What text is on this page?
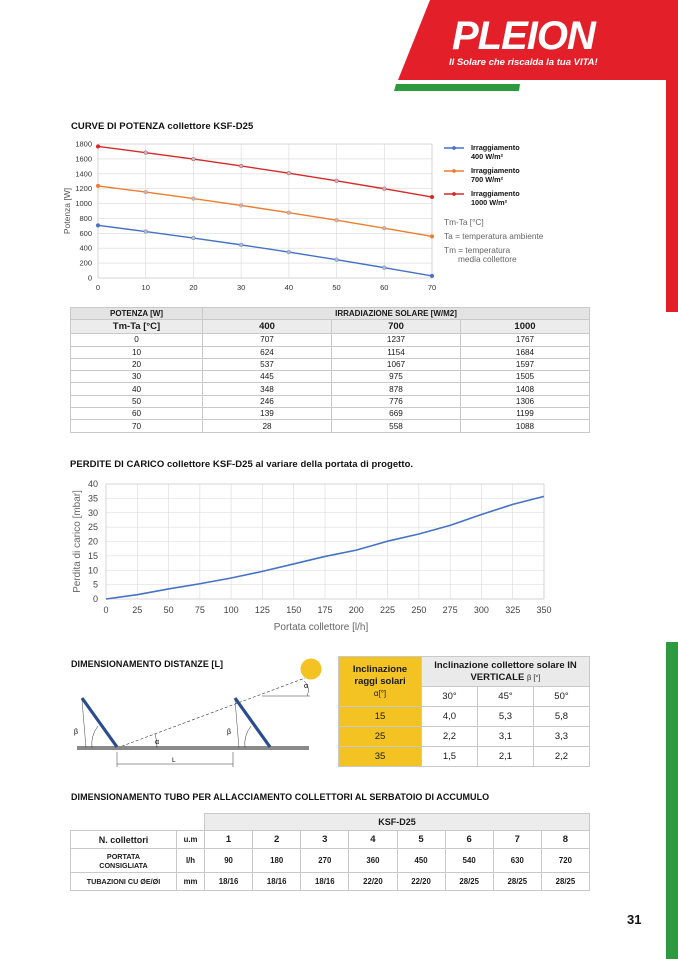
PLEION
Il Solare che riscalda la tua VITA!
CURVE DI POTENZA collettore KSF-D25
0
200
400
600
800
1000
1200
1400
1600
1800
0	10	20	30	40	50	60	70
Potenza [W]
Irraggiamento
400 W/m²
Irraggiamento
700 W/m²
Irraggiamento
1000 W/m²
Tm-Ta [°C]
Ta = temperatura ambiente
Tm = temperatura
media collettore
POTENZA [W]	IRRADIAZIONE SOLARE [W/M2]		
Tm-Ta [°C]	400	700	1000
0	707	1237	1767
10	624	1154	1684
20	537	1067	1597
30	445	975	1505
40	348	878	1408
50	246	776	1306
60	139	669	1199
70	28	558	1088
PERDITE DI CARICO collettore KSF-D25 al variare della portata di progetto.
0
5
10
15
20
25
30
35
40
0	25 50 75 100 125 150 175 200 225 250 275 300 325 350
Perdita di carico [mbar]
Portata collettore [l/h]
DIMENSIONAMENTO DISTANZE [L]
α
α
β	β
L
Inclinazione raggi solari α[°]	Inclinazione collettore solare IN VERTICALE β [°]		
	30°	45°	50°
15	4,0	5,3	5,8
25	2,2	3,1	3,3
35	1,5	2,1	2,2
DIMENSIONAMENTO TUBO PER ALLACCIAMENTO COLLETTORI AL SERBATOIO DI ACCUMULO
		KSF-D25							
N. collettori	u.m	1	2	3	4	5	6	7	8
PORTATA CONSIGLIATA	l/h	90	180	270	360	450	540	630	720
TUBAZIONI CU ØE/ØI	mm	18/16	18/16	18/16	22/20	22/20	28/25	28/25	28/25
31
